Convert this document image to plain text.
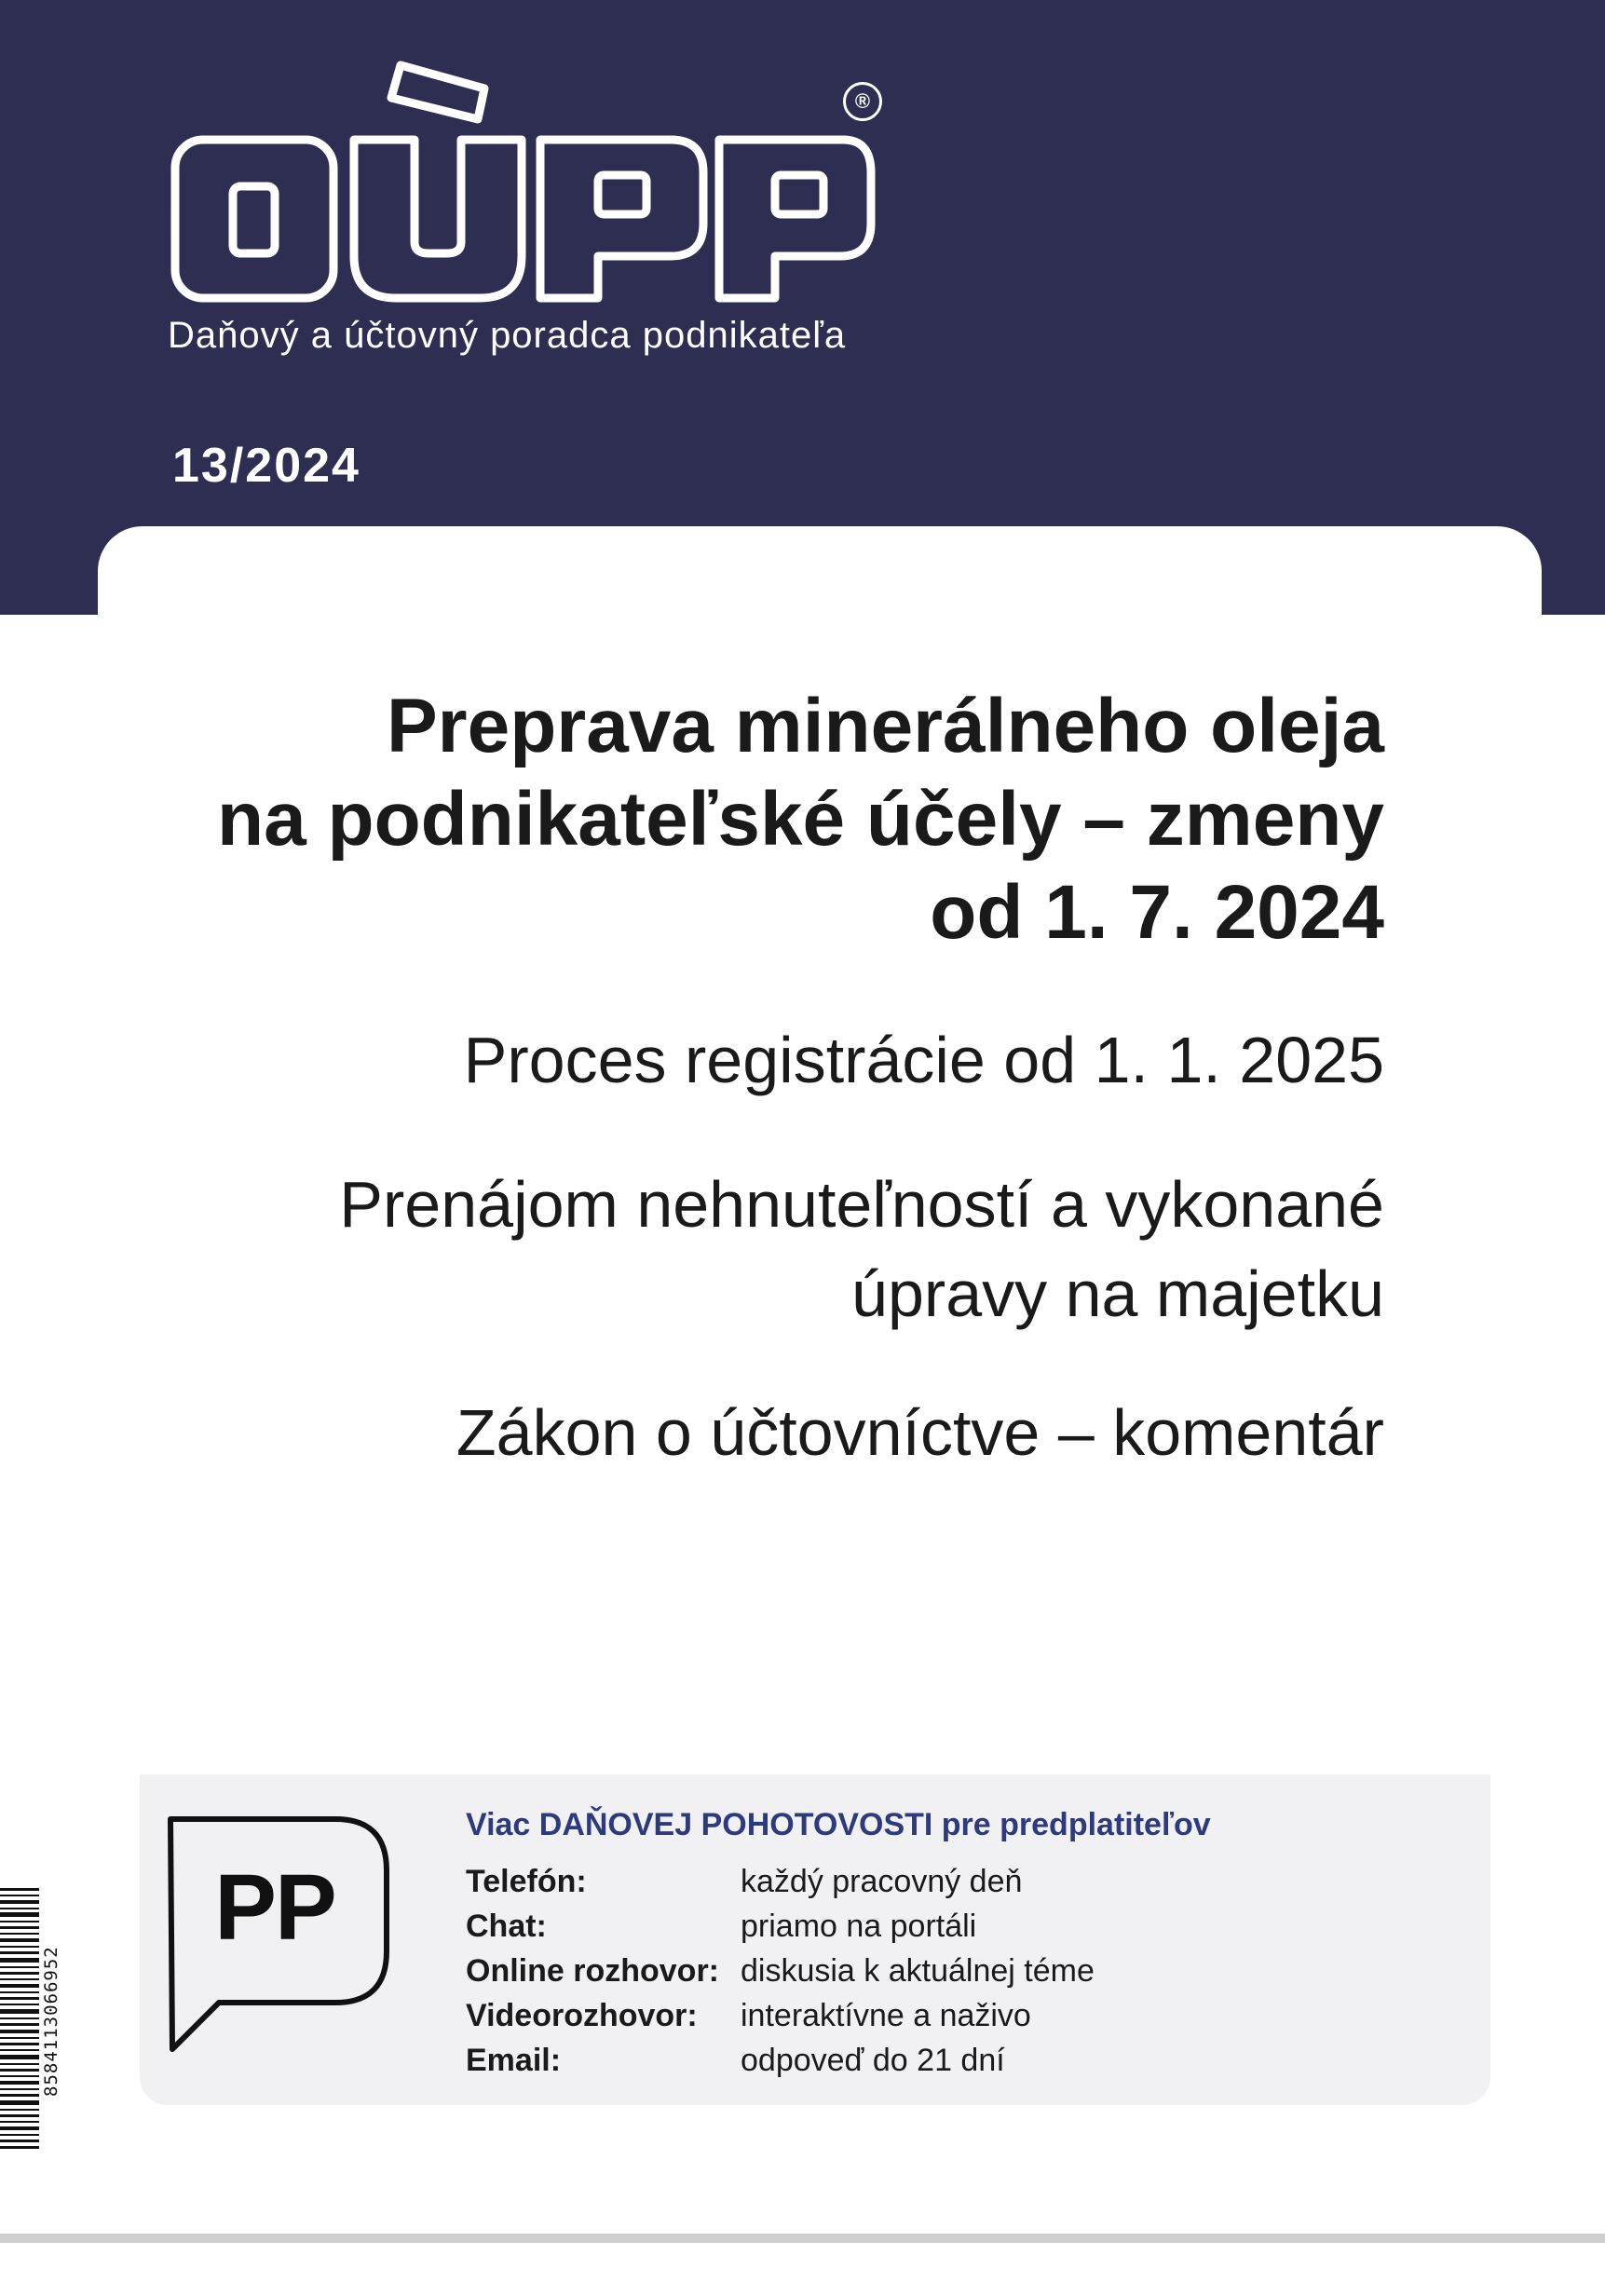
®
Daňový a účtovný poradca podnikateľa
13/2024
Preprava minerálneho oleja
na podnikateľské účely – zmeny
od 1. 7. 2024
Proces registrácie od 1. 1. 2025
Prenájom nehnuteľností a vykonané
úpravy na majetku
Zákon o účtovníctve – komentár
PP
Viac DAŇOVEJ POHOTOVOSTI pre predplatiteľov
Telefón:	každý pracovný deň
Chat:	priamo na portáli
Online rozhovor: diskusia k aktuálnej téme
Videorozhovor: interaktívne a naživo
Email:	odpoveď do 21 dní
8584113066952
